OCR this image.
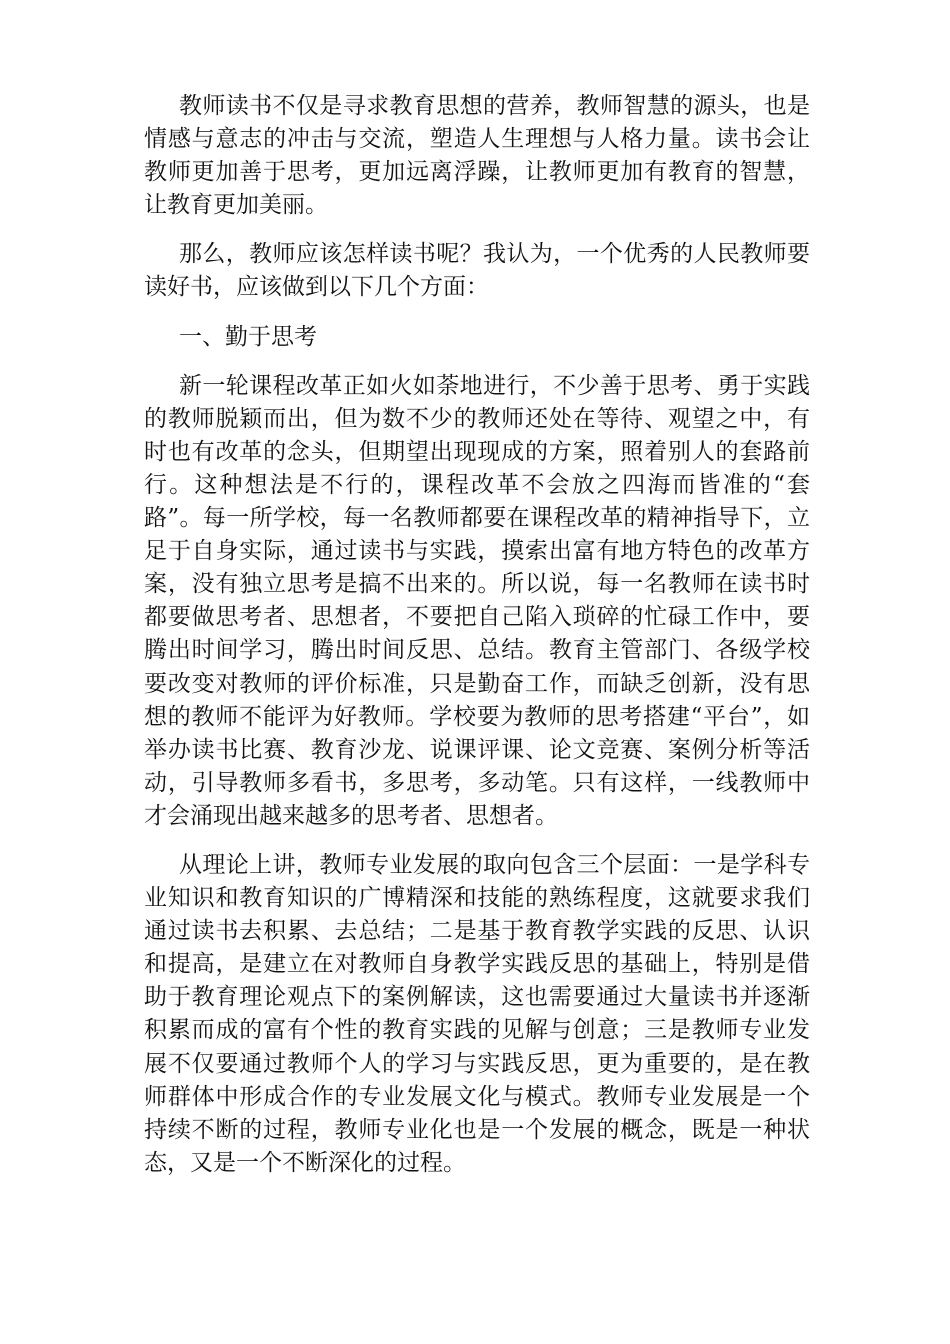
教师读书不仅是寻求教育思想的营养，教师智慧的源头，也是情感与意志的冲击与交流，塑造人生理想与人格力量。读书会让教师更加善于思考，更加远离浮躁，让教师更加有教育的智慧，让教育更加美丽。

那么，教师应该怎样读书呢？我认为，一个优秀的人民教师要读好书，应该做到以下几个方面：

一、勤于思考

新一轮课程改革正如火如荼地进行，不少善于思考、勇于实践的教师脱颖而出，但为数不少的教师还处在等待、观望之中，有时也有改革的念头，但期望出现现成的方案，照着别人的套路前行。这种想法是不行的，课程改革不会放之四海而皆准的“套路”。每一所学校，每一名教师都要在课程改革的精神指导下，立足于自身实际，通过读书与实践，摸索出富有地方特色的改革方案，没有独立思考是搞不出来的。所以说，每一名教师在读书时都要做思考者、思想者，不要把自己陷入琐碎的忙碌工作中，要腾出时间学习，腾出时间反思、总结。教育主管部门、各级学校要改变对教师的评价标准，只是勤奋工作，而缺乏创新，没有思想的教师不能评为好教师。学校要为教师的思考搭建“平台”，如举办读书比赛、教育沙龙、说课评课、论文竞赛、案例分析等活动，引导教师多看书，多思考，多动笔。只有这样，一线教师中才会涌现出越来越多的思考者、思想者。

从理论上讲，教师专业发展的取向包含三个层面：一是学科专业知识和教育知识的广博精深和技能的熟练程度，这就要求我们通过读书去积累、去总结；二是基于教育教学实践的反思、认识和提高，是建立在对教师自身教学实践反思的基础上，特别是借助于教育理论观点下的案例解读，这也需要通过大量读书并逐渐积累而成的富有个性的教育实践的见解与创意；三是教师专业发展不仅要通过教师个人的学习与实践反思，更为重要的，是在教师群体中形成合作的专业发展文化与模式。教师专业发展是一个持续不断的过程，教师专业化也是一个发展的概念，既是一种状态，又是一个不断深化的过程。
